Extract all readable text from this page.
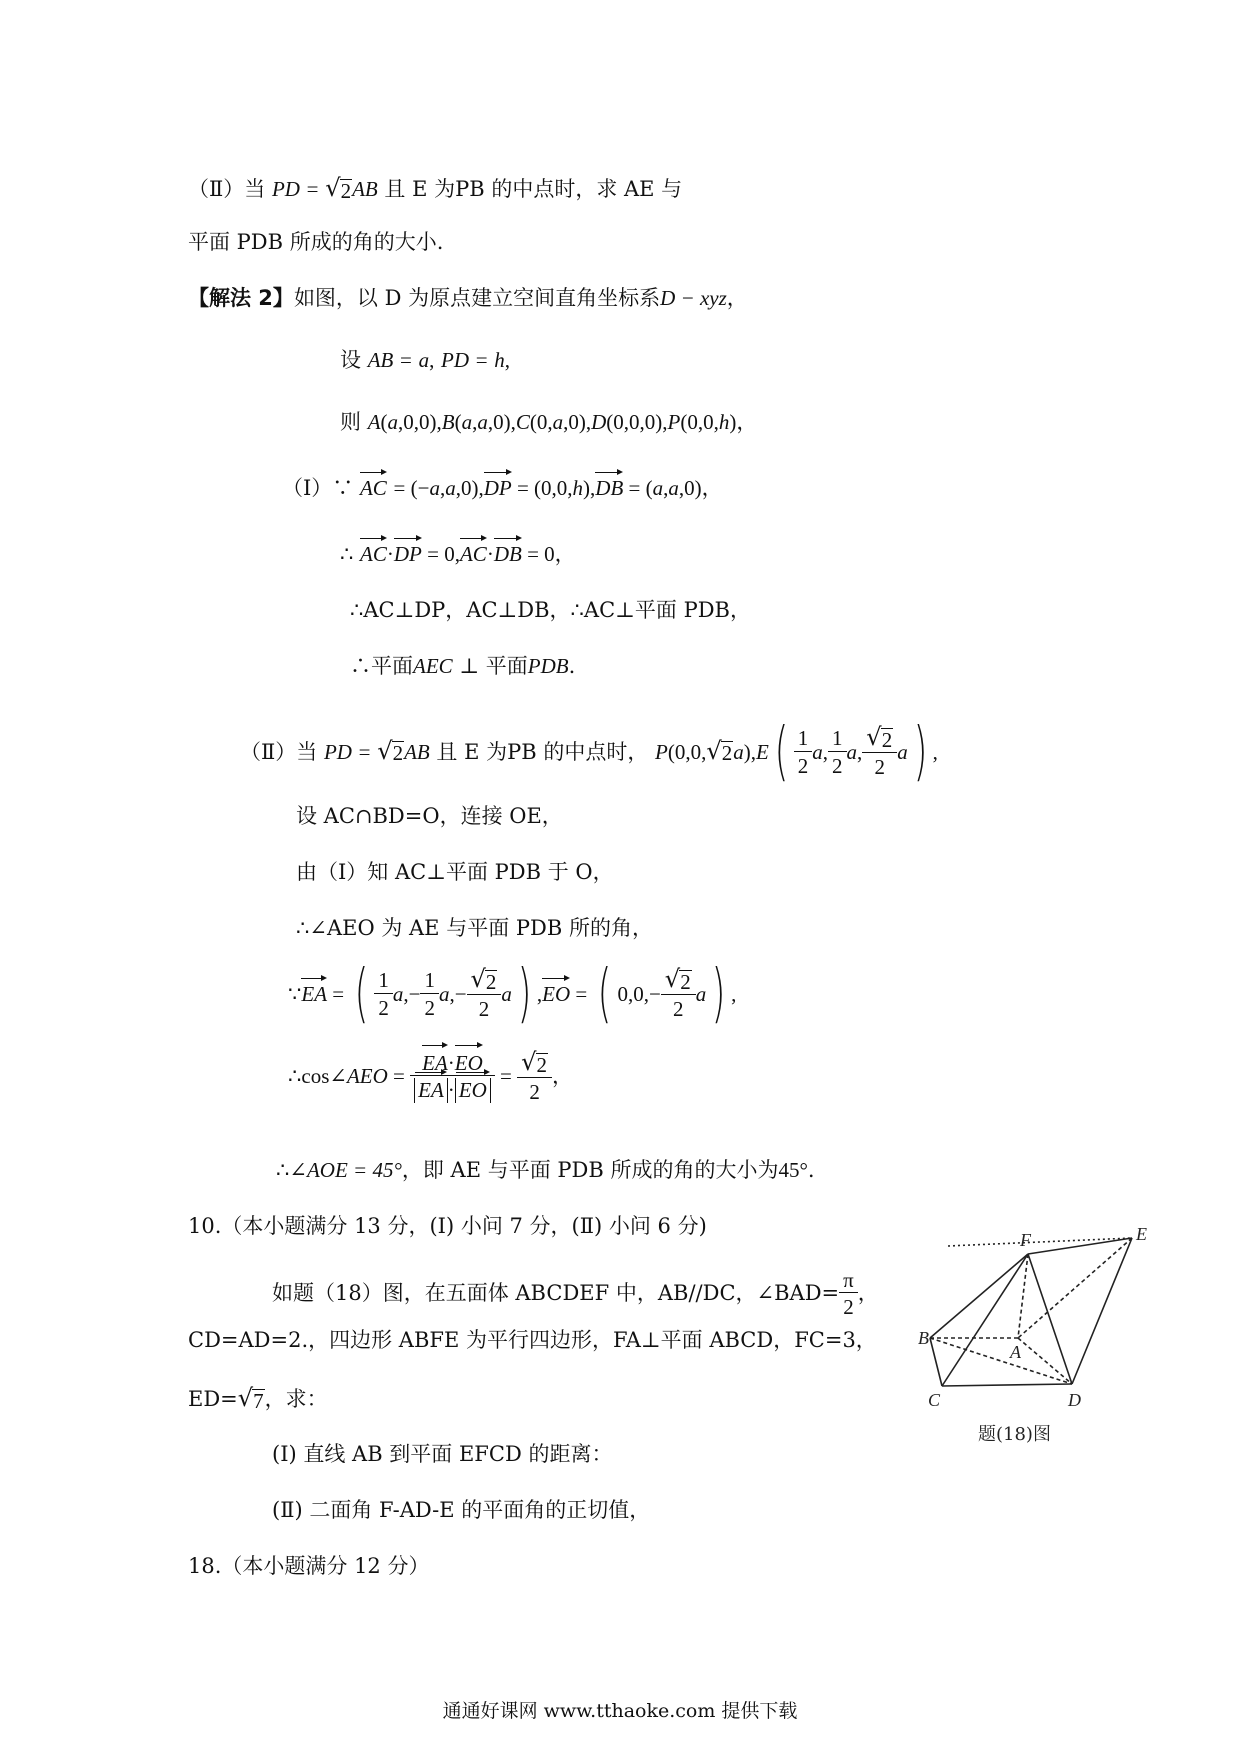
（Ⅱ）当 PD = √ 2 AB 且 E 为PB 的中点时，求 AE 与
平面 PDB 所成的角的大小.
【解法 2】如图，以 D 为原点建立空间直角坐标系D − xyz，
设 AB = a, PD = h,
则 A(a,0,0),B(a,a,0),C(0,a,0),D(0,0,0),P(0,0,h)，
（Ⅰ）∵ AC = (−a,a,0),DP = (0,0,h),DB = (a,a,0)，
∴ AC·DP = 0,AC·DB = 0，
∴AC⊥DP，AC⊥DB，∴AC⊥平面 PDB，
∴平面AEC ⊥ 平面PDB.
（Ⅱ）当
PD
=
√ 2 AB
且 E 为PB 的中点时，
P (0,0, √ 2 a ), E ( $\frac{1}{2}$ a , $\frac{1}{2}$ a , $\frac{√ 2}{2}$ a ) ,
设 AC∩BD=O，连接 OE，
由（Ⅰ）知 AC⊥平面 PDB 于 O，
∴∠AEO 为 AE 与平面 PDB 所的角，
∵ EA = ( $\frac{1}{2}$ a ,− $\frac{1}{2}$ a ,− $\frac{√ 2}{2}$ a ) , EO = ( $0,0,- \frac{√ 2}{2}$ a ) ,
∴ cos∠ AEO = $\frac{EA\cdot EO}{EA \cdot EO} = \frac{√ 2}{2}$ ，
∴∠AOE = 45°，即 AE 与平面 PDB 所成的角的大小为45°.
10.（本小题满分 13 分，(I) 小问 7 分，(Ⅱ) 小问 6 分)
如题（18）图，在五面体 ABCDEF 中，AB//DC，∠BAD= $\frac{\pi}{2}$ ，
CD=AD=2.，四边形 ABFE 为平行四边形，FA⊥平面 ABCD，FC=3，
ED= √ 7 ，求：
(I) 直线 AB 到平面 EFCD 的距离：
(Ⅱ) 二面角 F-AD-E 的平面角的正切值，
18.（本小题满分 12 分）
F	E
B
A
C	D
题(18)图
通通好课网 www.tthaoke.com 提供下载
